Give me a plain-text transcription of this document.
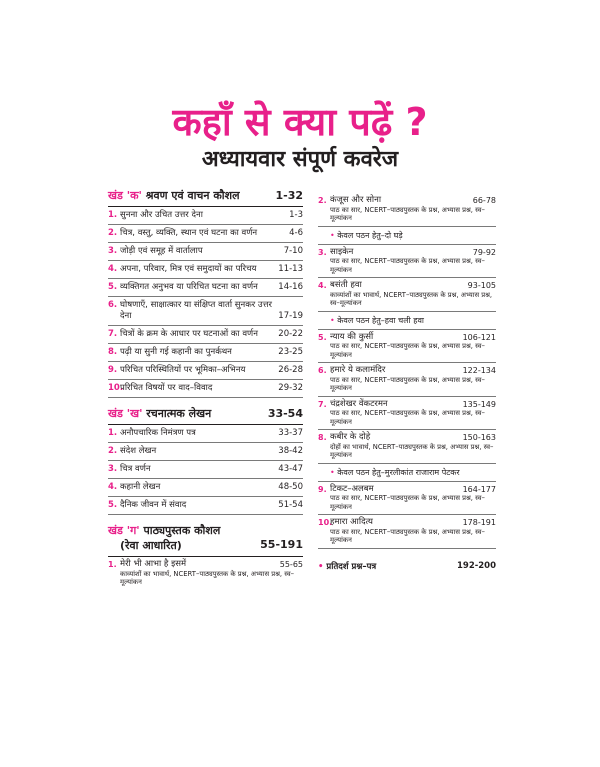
कहाँ से क्या पढ़ें ?
अध्यायवार संपूर्ण कवरेज
खंड 'क'
श्रवण एवं वाचन कौशल	1-32
1. सुनना और उचित उत्तर देना	1-3
2. चित्र, वस्तु, व्यक्ति, स्थान एवं घटना का वर्णन	4-6
3. जोड़ी एवं समूह में वार्तालाप	7-10
4. अपना, परिवार, मित्र एवं समुदायों का परिचय	11-13
5. व्यक्तिगत अनुभव या परिचित घटना का वर्णन	14-16
6. घोषणाएँ, साक्षात्कार या संक्षिप्त वार्ता सुनकर उत्तर देना	17-19
7. चित्रों के क्रम के आधार पर घटनाओं का वर्णन	20-22
8. पढ़ी या सुनी गई कहानी का पुनर्कथन	23-25
9. परिचित परिस्थितियों पर भूमिका–अभिनय	26-28
10.
परिचित विषयों पर वाद–विवाद	29-32
खंड 'ख'
रचनात्मक लेखन	33-54
1. अनौपचारिक निमंत्रण पत्र	33-37
2. संदेश लेखन	38-42
3. चित्र वर्णन	43-47
4. कहानी लेखन	48-50
5. दैनिक जीवन में संवाद	51-54
खंड 'ग'
पाठ्यपुस्तक कौशल
(रेवा आधारित)	55-191
1. मेरी भी आभा है इसमें	55-65
काव्यांशों का भावार्थ, NCERT–पाठ्यपुस्तक के प्रश्न, अभ्यास प्रश्न, स्व–मूल्यांकन
2. कंजूस और सोना	66-78
पाठ का सार, NCERT–पाठ्यपुस्तक के प्रश्न, अभ्यास प्रश्न, स्व–मूल्यांकन
• केवल पठन हेतु–दो घड़े
3. साइकेन	79-92
पाठ का सार, NCERT–पाठ्यपुस्तक के प्रश्न, अभ्यास प्रश्न, स्व–मूल्यांकन
4. बसंती हवा	93-105
काव्यांशों का भावार्थ, NCERT–पाठ्यपुस्तक के प्रश्न, अभ्यास प्रश्न, स्व–मूल्यांकन
• केवल पठन हेतु–हवा चली हवा
5. न्याय की कुर्सी	106-121
पाठ का सार, NCERT–पाठ्यपुस्तक के प्रश्न, अभ्यास प्रश्न, स्व–मूल्यांकन
6. हमारे ये कलामंदिर	122-134
पाठ का सार, NCERT–पाठ्यपुस्तक के प्रश्न, अभ्यास प्रश्न, स्व–मूल्यांकन
7. चंद्रशेखर वेंकटरमन	135-149
पाठ का सार, NCERT–पाठ्यपुस्तक के प्रश्न, अभ्यास प्रश्न, स्व–मूल्यांकन
8. कबीर के दोहे	150-163
दोहों का भावार्थ, NCERT–पाठ्यपुस्तक के प्रश्न, अभ्यास प्रश्न, स्व–मूल्यांकन
• केवल पठन हेतु–मुरलीकांत राजाराम पेटकर
9. टिकट–अलबम	164-177
पाठ का सार, NCERT–पाठ्यपुस्तक के प्रश्न, अभ्यास प्रश्न, स्व–मूल्यांकन
10.
हमारा आदित्य	178-191
पाठ का सार, NCERT–पाठ्यपुस्तक के प्रश्न, अभ्यास प्रश्न, स्व–मूल्यांकन
• प्रतिदर्श प्रश्न–पत्र	192-200
